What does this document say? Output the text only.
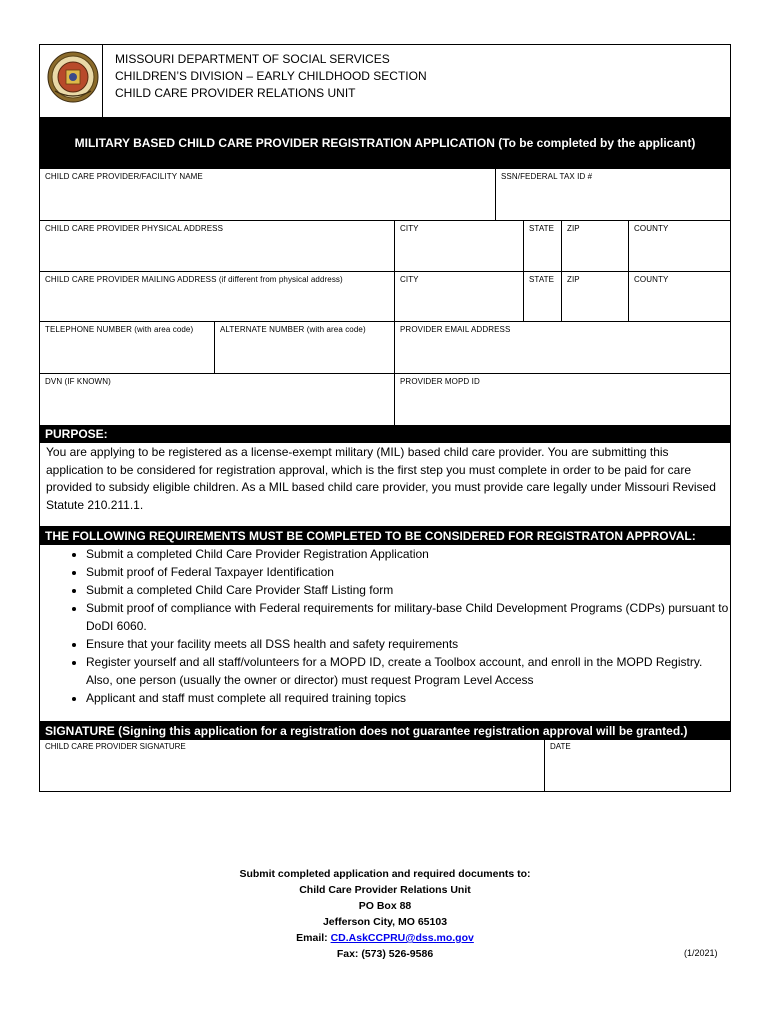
MISSOURI DEPARTMENT OF SOCIAL SERVICES
CHILDREN’S DIVISION – EARLY CHILDHOOD SECTION
CHILD CARE PROVIDER RELATIONS UNIT
MILITARY BASED CHILD CARE PROVIDER REGISTRATION APPLICATION (To be completed by the applicant)
CHILD CARE PROVIDER/FACILITY NAME	SSN/FEDERAL TAX ID #
CHILD CARE PROVIDER PHYSICAL ADDRESS	CITY	STATE ZIP	COUNTY
CHILD CARE PROVIDER MAILING ADDRESS (if different from physical address)	CITY	STATE ZIP	COUNTY
TELEPHONE NUMBER (with area code)	ALTERNATE NUMBER (with area code)	PROVIDER EMAIL ADDRESS
DVN (IF KNOWN)	PROVIDER MOPD ID
PURPOSE:
You are applying to be registered as a license-exempt military (MIL) based child care provider. You are submitting this application to be considered for registration approval, which is the first step you must complete in order to be paid for care provided to subsidy eligible children. As a MIL based child care provider, you must provide care legally under Missouri Revised Statute 210.211.1.
THE FOLLOWING REQUIREMENTS MUST BE COMPLETED TO BE CONSIDERED FOR REGISTRATON APPROVAL:
• Submit a completed Child Care Provider Registration Application
• Submit proof of Federal Taxpayer Identification
• Submit a completed Child Care Provider Staff Listing form
• Submit proof of compliance with Federal requirements for military-base Child Development Programs (CDPs) pursuant to DoDI 6060.
• Ensure that your facility meets all DSS health and safety requirements
• Register yourself and all staff/volunteers for a MOPD ID, create a Toolbox account, and enroll in the MOPD Registry. Also, one person (usually the owner or director) must request Program Level Access
• Applicant and staff must complete all required training topics
SIGNATURE (Signing this application for a registration does not guarantee registration approval will be granted.)
CHILD CARE PROVIDER SIGNATURE	DATE
Submit completed application and required documents to:
Child Care Provider Relations Unit
PO Box 88
Jefferson City, MO 65103
Email: CD.AskCCPRU@dss.mo.gov
Fax: (573) 526-9586	(1/2021)
